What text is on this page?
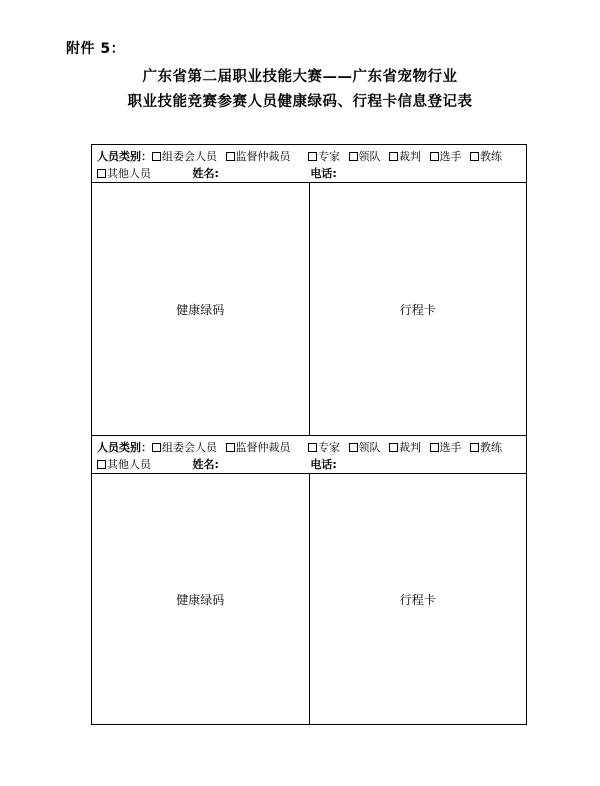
附件 5：
广东省第二届职业技能大赛——广东省宠物行业
职业技能竞赛参赛人员健康绿码、行程卡信息登记表
人员类别： 组委会人员 监督仲裁员	专家 领队 裁判 选手 教练
其他人员	姓名:	电话:
健康绿码	行程卡
人员类别： 组委会人员 监督仲裁员	专家 领队 裁判 选手 教练
其他人员	姓名:	电话:
健康绿码	行程卡
